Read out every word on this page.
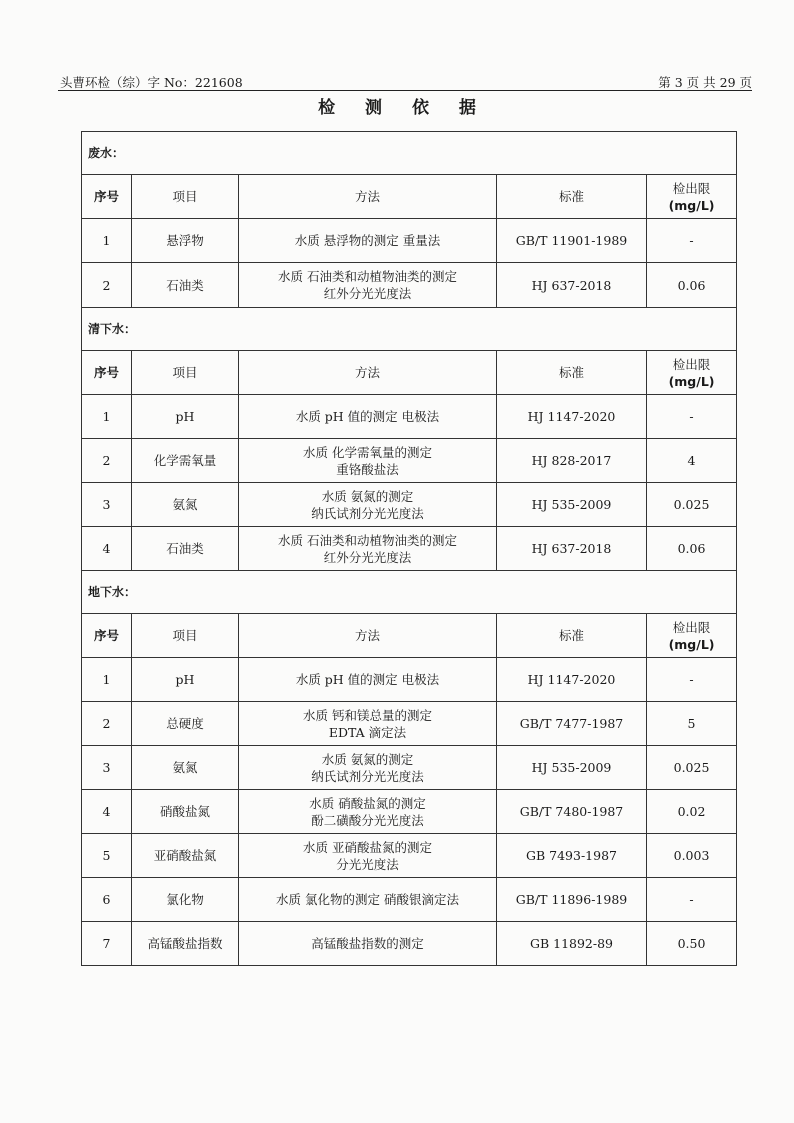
头曹环检（综）字 No：221608	第 3 页 共 29 页
检 测 依 据
废水：				
序号	项目	方法	标准	检出限
(mg/L)

1	悬浮物	水质 悬浮物的测定 重量法	GB/T 11901-1989	-
2	石油类	水质 石油类和动植物油类的测定
红外分光光度法	HJ 637-2018	0.06
清下水：				
序号	项目	方法	标准	检出限
(mg/L)

1	pH	水质 pH 值的测定 电极法	HJ 1147-2020	-
2	化学需氧量	水质 化学需氧量的测定
重铬酸盐法	HJ 828-2017	4
3	氨氮	水质 氨氮的测定
纳氏试剂分光光度法	HJ 535-2009	0.025
4	石油类	水质 石油类和动植物油类的测定
红外分光光度法	HJ 637-2018	0.06
地下水：				
序号	项目	方法	标准	检出限
(mg/L)

1	pH	水质 pH 值的测定 电极法	HJ 1147-2020	-
2	总硬度	水质 钙和镁总量的测定
EDTA 滴定法	GB/T 7477-1987	5
3	氨氮	水质 氨氮的测定
纳氏试剂分光光度法	HJ 535-2009	0.025
4	硝酸盐氮	水质 硝酸盐氮的测定
酚二磺酸分光光度法	GB/T 7480-1987	0.02
5	亚硝酸盐氮	水质 亚硝酸盐氮的测定
分光光度法	GB 7493-1987	0.003
6	氯化物	水质 氯化物的测定 硝酸银滴定法	GB/T 11896-1989	-
7	高锰酸盐指数	高锰酸盐指数的测定	GB 11892-89	0.50
